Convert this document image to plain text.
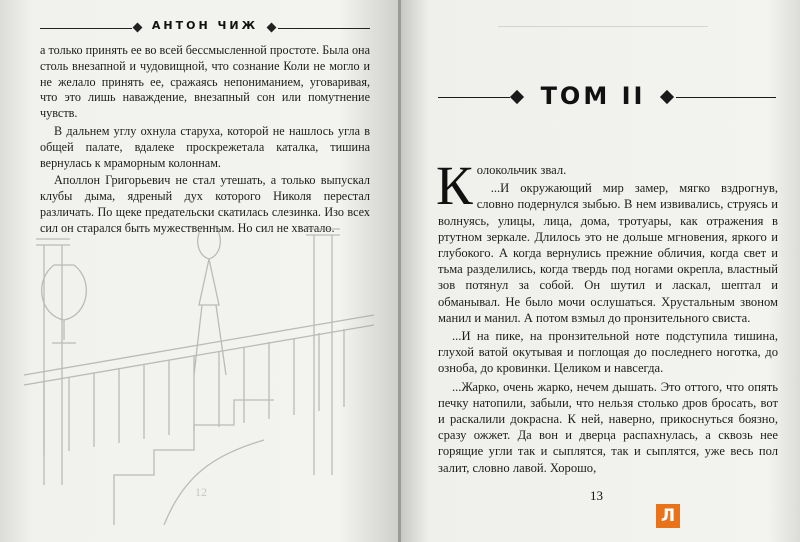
АНТОН ЧИЖ

а только принять ее во всей бессмысленной простоте. Была она столь внезапной и чудовищной, что сознание Коли не могло и не желало принять ее, сражаясь непониманием, уговаривая, что это лишь наваждение, внезапный сон или помутнение чувств.

В дальнем углу охнула старуха, которой не нашлось угла в общей палате, вдалеке проскрежетала каталка, тишина вернулась к мраморным колоннам.

Аполлон Григорьевич не стал утешать, а только выпускал клубы дыма, ядреный дух которого Николя перестал различать. По щеке предательски скатилась слезинка. Изо всех сил он старался быть мужественным. Но сил не хватало.

12
ТОМ II

Колокольчик звал.

...И окружающий мир замер, мягко вздрогнув, словно подернулся зыбью. В нем извивались, струясь и волнуясь, улицы, лица, дома, тротуары, как отражения в ртутном зеркале. Длилось это не дольше мгновения, яркого и глубокого. А когда вернулись прежние обличия, когда свет и тьма разделились, когда твердь под ногами окрепла, властный зов потянул за собой. Он шутил и ласкал, шептал и обманывал. Не было мочи ослушаться. Хрустальным звоном манил и манил. А потом взмыл до пронзительного свиста.

...И на пике, на пронзительной ноте подступила тишина, глухой ватой окутывая и поглощая до последнего ноготка, до озноба, до кровинки. Целиком и навсегда.

...Жарко, очень жарко, нечем дышать. Это оттого, что опять печку натопили, забыли, что нельзя столько дров бросать, вот и раскалили докрасна. К ней, наверно, прикоснуться боязно, сразу ожжет. Да вон и дверца распахнулась, а сквозь нее горящие угли так и сыплятся, так и сыплятся, уже весь пол залит, словно лавой. Хорошо,

13
Л
